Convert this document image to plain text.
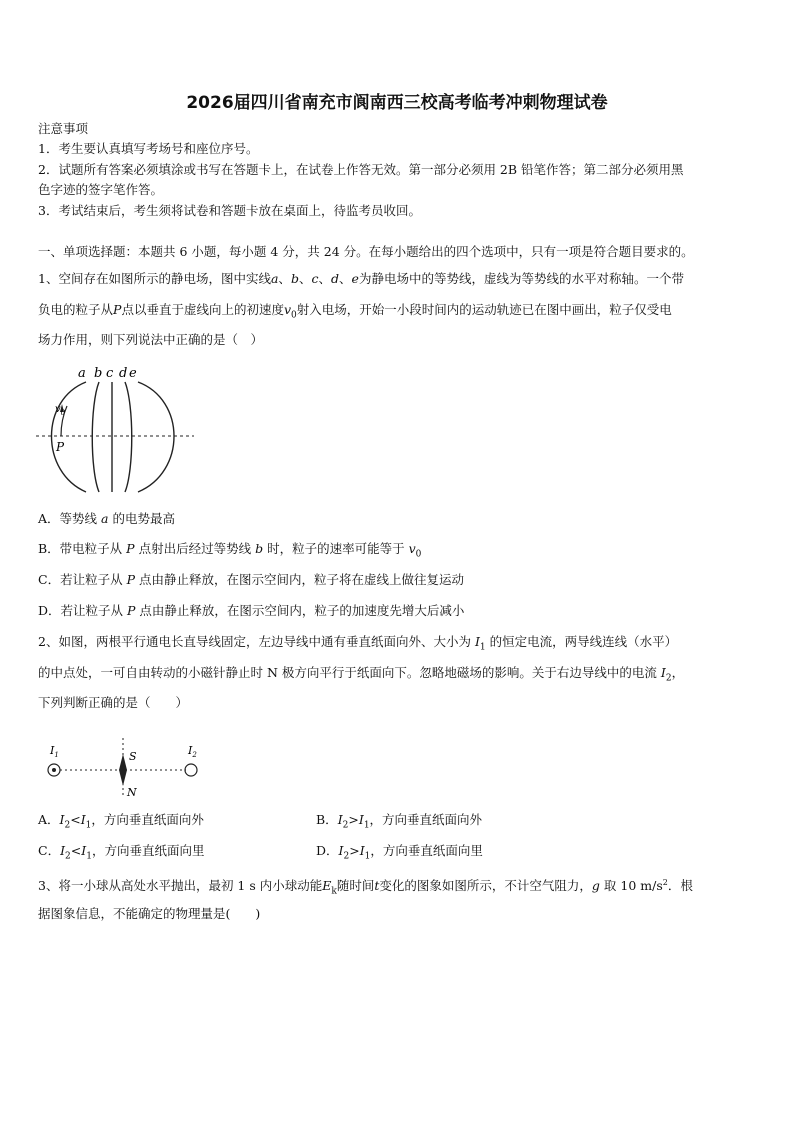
2026届四川省南充市阆南西三校高考临考冲刺物理试卷
注意事项
1．考生要认真填写考场号和座位序号。
2．试题所有答案必须填涂或书写在答题卡上，在试卷上作答无效。第一部分必须用 2B 铅笔作答；第二部分必须用黑
色字迹的签字笔作答。
3．考试结束后，考生须将试卷和答题卡放在桌面上，待监考员收回。
一、单项选择题：本题共 6 小题，每小题 4 分，共 24 分。在每小题给出的四个选项中，只有一项是符合题目要求的。
1、空间存在如图所示的静电场，图中实线a、b、c、d、e为静电场中的等势线，虚线为等势线的水平对称轴。一个带
负电的粒子从P点以垂直于虚线向上的初速度$v_0$射入电场，开始一小段时间内的运动轨迹已在图中画出，粒子仅受电
场力作用，则下列说法中正确的是（　）
a b c d e
$v_0$
P
A．等势线 a 的电势最高
B．带电粒子从 P 点射出后经过等势线 b 时，粒子的速率可能等于 $v_0$
C．若让粒子从 P 点由静止释放，在图示空间内，粒子将在虚线上做往复运动
D．若让粒子从 P 点由静止释放，在图示空间内，粒子的加速度先增大后减小
2、如图，两根平行通电长直导线固定，左边导线中通有垂直纸面向外、大小为 $I_1$ 的恒定电流，两导线连线（水平）
的中点处，一可自由转动的小磁针静止时 N 极方向平行于纸面向下。忽略地磁场的影响。关于右边导线中的电流 $I_2$，
下列判断正确的是（　　）
$I_1$	$I_2$
S
N
A．$I_2<I_1$，方向垂直纸面向外	B．$I_2>I_1$，方向垂直纸面向外
C．$I_2<I_1$，方向垂直纸面向里	D．$I_2>I_1$，方向垂直纸面向里
3、将一小球从高处水平抛出，最初 1 s 内小球动能$E_k$随时间t变化的图象如图所示，不计空气阻力，g 取 10 $m/s^2$．根
据图象信息，不能确定的物理量是(　　)
